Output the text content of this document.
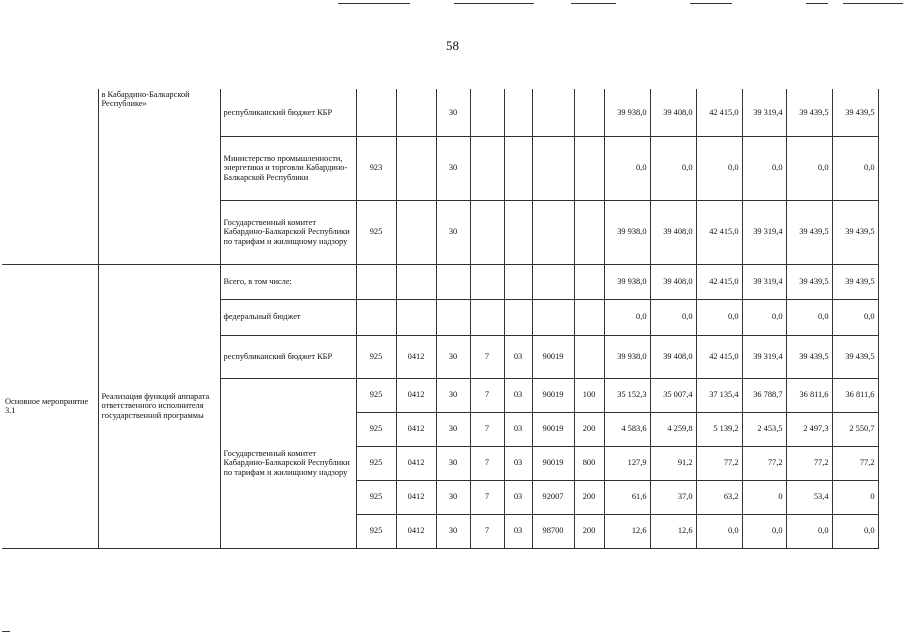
58
	в Кабардино-Балкарской Республике»	республиканский бюджет КБР			30					39 938,0	39 408,0	42 415,0	39 319,4	39 439,5	39 439,5
		Министерство промышленности, энергетики и торговли Кабардино-Балкарской Республики	923		30					0,0	0,0	0,0	0,0	0,0	0,0
		Государственный комитет Кабардино-Балкарской Республики по тарифам и жилищному надзору	925		30					39 938,0	39 408,0	42 415,0	39 319,4	39 439,5	39 439,5
Основное мероприятие 3.1	Реализация функций аппарата ответственного исполнителя государственной программы	Всего, в том числе:								39 938,0	39 408,0	42 415,0	39 319,4	39 439,5	39 439,5
		федеральный бюджет								0,0	0,0	0,0	0,0	0,0	0,0
		республиканский бюджет КБР	925	0412	30	7	03	90019		39 938,0	39 408,0	42 415,0	39 319,4	39 439,5	39 439,5
		Государственный комитет Кабардино-Балкарской Республики по тарифам и жилищному надзору	925	0412	30	7	03	90019	100	35 152,3	35 007,4	37 135,4	36 788,7	36 811,6	36 811,6
			925	0412	30	7	03	90019	200	4 583,6	4 259,8	5 139,2	2 453,5	2 497,3	2 550,7
			925	0412	30	7	03	90019	800	127,9	91,2	77,2	77,2	77,2	77,2
			925	0412	30	7	03	92007	200	61,6	37,0	63,2	0	53,4	0
			925	0412	30	7	03	98700	200	12,6	12,6	0,0	0,0	0,0	0,0
